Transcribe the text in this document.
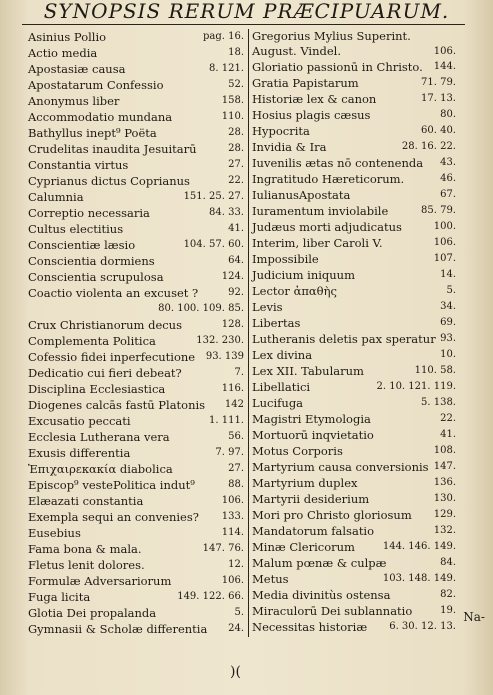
SYNOPSIS RERUM PRÆCIPUARUM.
Asinius Pollio	pag. 16.
Actio media	18.
Apostasiæ causa	8. 121.
Apostatarum Confessio	52.
Anonymus liber	158.
Accommodatio mundana	110.
Bathyllus inept⁹ Poëta	28.
Crudelitas inaudita Jesuitarū	28.
Constantia virtus	27.
Cyprianus dictus Coprianus	22.
Calumnia	151. 25. 27.
Correptio necessaria	84. 33.
Cultus electitius	41.
Conscientiæ læsio	104. 57. 60.
Conscientia dormiens	64.
Conscientia scrupulosa	124.
Coactio violenta an excuset ?	92.
80. 100. 109. 85.
Crux Christianorum decus	128.
Complementa Politica	132. 230.
Cofessio fidei inperfecutione 93. 139
Dedicatio cui fieri debeat?	7.
Disciplina Ecclesiastica	116.
Diogenes calcās fastū Platonis 142
Excusatio peccati	1. 111.
Ecclesia Lutherana vera	56.
Exusis differentia	7. 97.
Ἐπιχαιρεκακία diabolica	27.
Episcop⁹ vestePolitica indut⁹	88.
Elæazati constantia	106.
Exempla sequi an convenies? 133.
Eusebius	114.
Fama bona & mala.	147. 76.
Fletus lenit dolores.	12.
Formulæ Adversariorum	106.
Fuga licita	149. 122. 66.
Glotia Dei propalanda	5.
Gymnasii & Scholæ differentia 24.
Gregorius Mylius Superint. August. Vindel.	106.
Gloriatio passionū in Christo. 144.
Gratia Papistarum	71. 79.
Historiæ lex & canon	17. 13.
Hosius plagis cæsus	80.
Hypocrita	60. 40.
Invidia & Ira	28. 16. 22.
Iuvenilis ætas nō contenenda 43.
Ingratitudo Hæreticorum.	46.
IulianusApostata	67.
Iuramentum inviolabile	85. 79.
Judæus morti adjudicatus	100.
Interim, liber Caroli V.	106.
Impossibile	107.
Judicium iniquum	14.
Lector ἀπαθὴς	5.
Levis	34.
Libertas	69.
Lutheranis deletis pax speratur 93.
Lex divina	10.
Lex XII. Tabularum	110. 58.
Libellatici	2. 10. 121. 119.
Lucifuga	5. 138.
Magistri Etymologia	22.
Mortuorū inqvietatio	41.
Motus Corporis	108.
Martyrium causa conversionis 147.
Martyrium duplex	136.
Martyrii desiderium	130.
Mori pro Christo gloriosum 129.
Mandatorum falsatio	132.
Minæ Clericorum	144. 146. 149.
Malum pœnæ & culpæ	84.
Metus	103. 148. 149.
Media divinitùs ostensa	82.
Miraculorū Dei sublannatio	19.
Necessitas historiæ 6. 30. 12. 13.
Na-
)(
